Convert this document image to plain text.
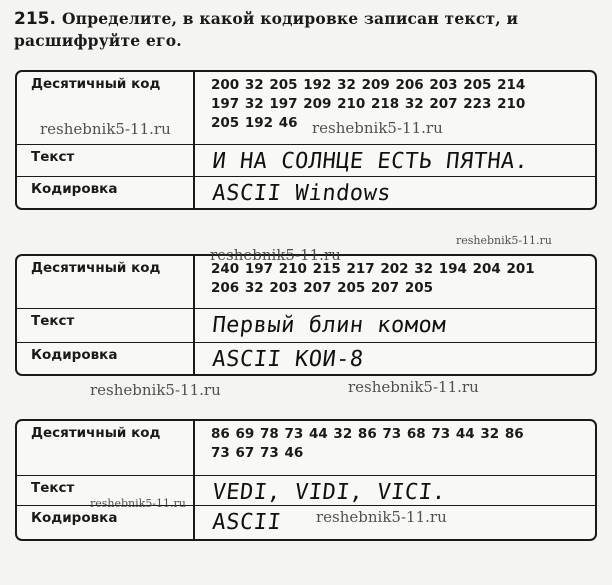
215. Определите, в какой кодировке записан текст, и расшифруйте его.
Десятичный код	200 32 205 192 32 209 206 203 205 214
197 32 197 209 210 218 32 207 223 210
205 192 46
Текст	И НА СОЛНЦЕ ЕСТЬ ПЯТНА.
Кодировка	ASCII Windows
Десятичный код	240 197 210 215 217 202 32 194 204 201
206 32 203 207 205 207 205
Текст	Первый блин комом
Кодировка	ASCII КОИ-8
Десятичный код	86 69 78 73 44 32 86 73 68 73 44 32 86
73 67 73 46
Текст	VEDI, VIDI, VICI.
Кодировка	ASCII
reshebnik5-11.ru	reshebnik5-11.ru
reshebnik5-11.ru
reshebnik5-11.ru
reshebnik5-11.ru	reshebnik5-11.ru
reshebnik5-11.ru
reshebnik5-11.ru
